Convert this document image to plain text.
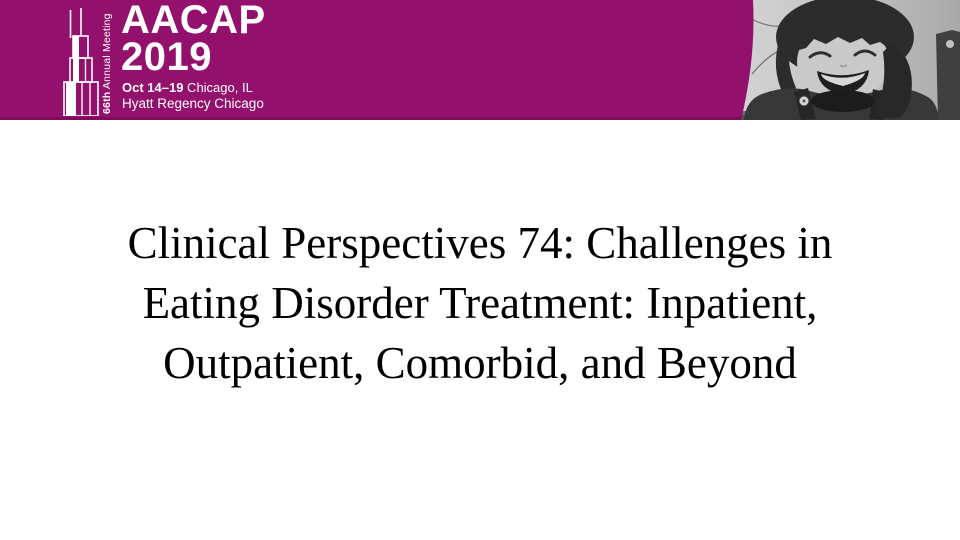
66th Annual Meeting AACAP
2019
Oct 14–19 Chicago, IL
Hyatt Regency Chicago
Clinical Perspectives 74: Challenges in
Eating Disorder Treatment: Inpatient,
Outpatient, Comorbid, and Beyond
